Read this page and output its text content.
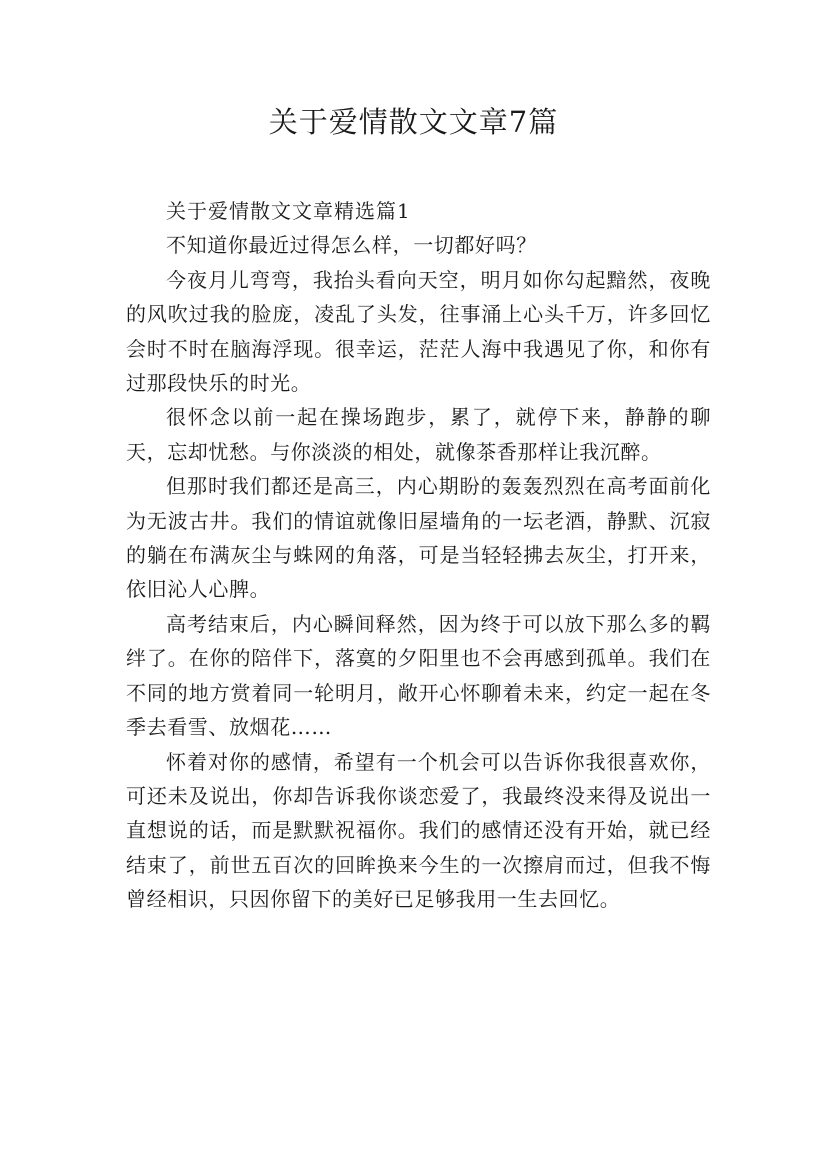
关于爱情散文文章7篇

关于爱情散文文章精选篇1

不知道你最近过得怎么样，一切都好吗？

今夜月儿弯弯，我抬头看向天空，明月如你勾起黯然，夜晚的风吹过我的脸庞，凌乱了头发，往事涌上心头千万，许多回忆会时不时在脑海浮现。很幸运，茫茫人海中我遇见了你，和你有过那段快乐的时光。

很怀念以前一起在操场跑步，累了，就停下来，静静的聊天，忘却忧愁。与你淡淡的相处，就像茶香那样让我沉醉。

但那时我们都还是高三，内心期盼的轰轰烈烈在高考面前化为无波古井。我们的情谊就像旧屋墙角的一坛老酒，静默、沉寂的躺在布满灰尘与蛛网的角落，可是当轻轻拂去灰尘，打开来，依旧沁人心脾。

高考结束后，内心瞬间释然，因为终于可以放下那么多的羁绊了。在你的陪伴下，落寞的夕阳里也不会再感到孤单。我们在不同的地方赏着同一轮明月，敞开心怀聊着未来，约定一起在冬季去看雪、放烟花……

怀着对你的感情，希望有一个机会可以告诉你我很喜欢你，可还未及说出，你却告诉我你谈恋爱了，我最终没来得及说出一直想说的话，而是默默祝福你。我们的感情还没有开始，就已经结束了，前世五百次的回眸换来今生的一次擦肩而过，但我不悔曾经相识，只因你留下的美好已足够我用一生去回忆。
